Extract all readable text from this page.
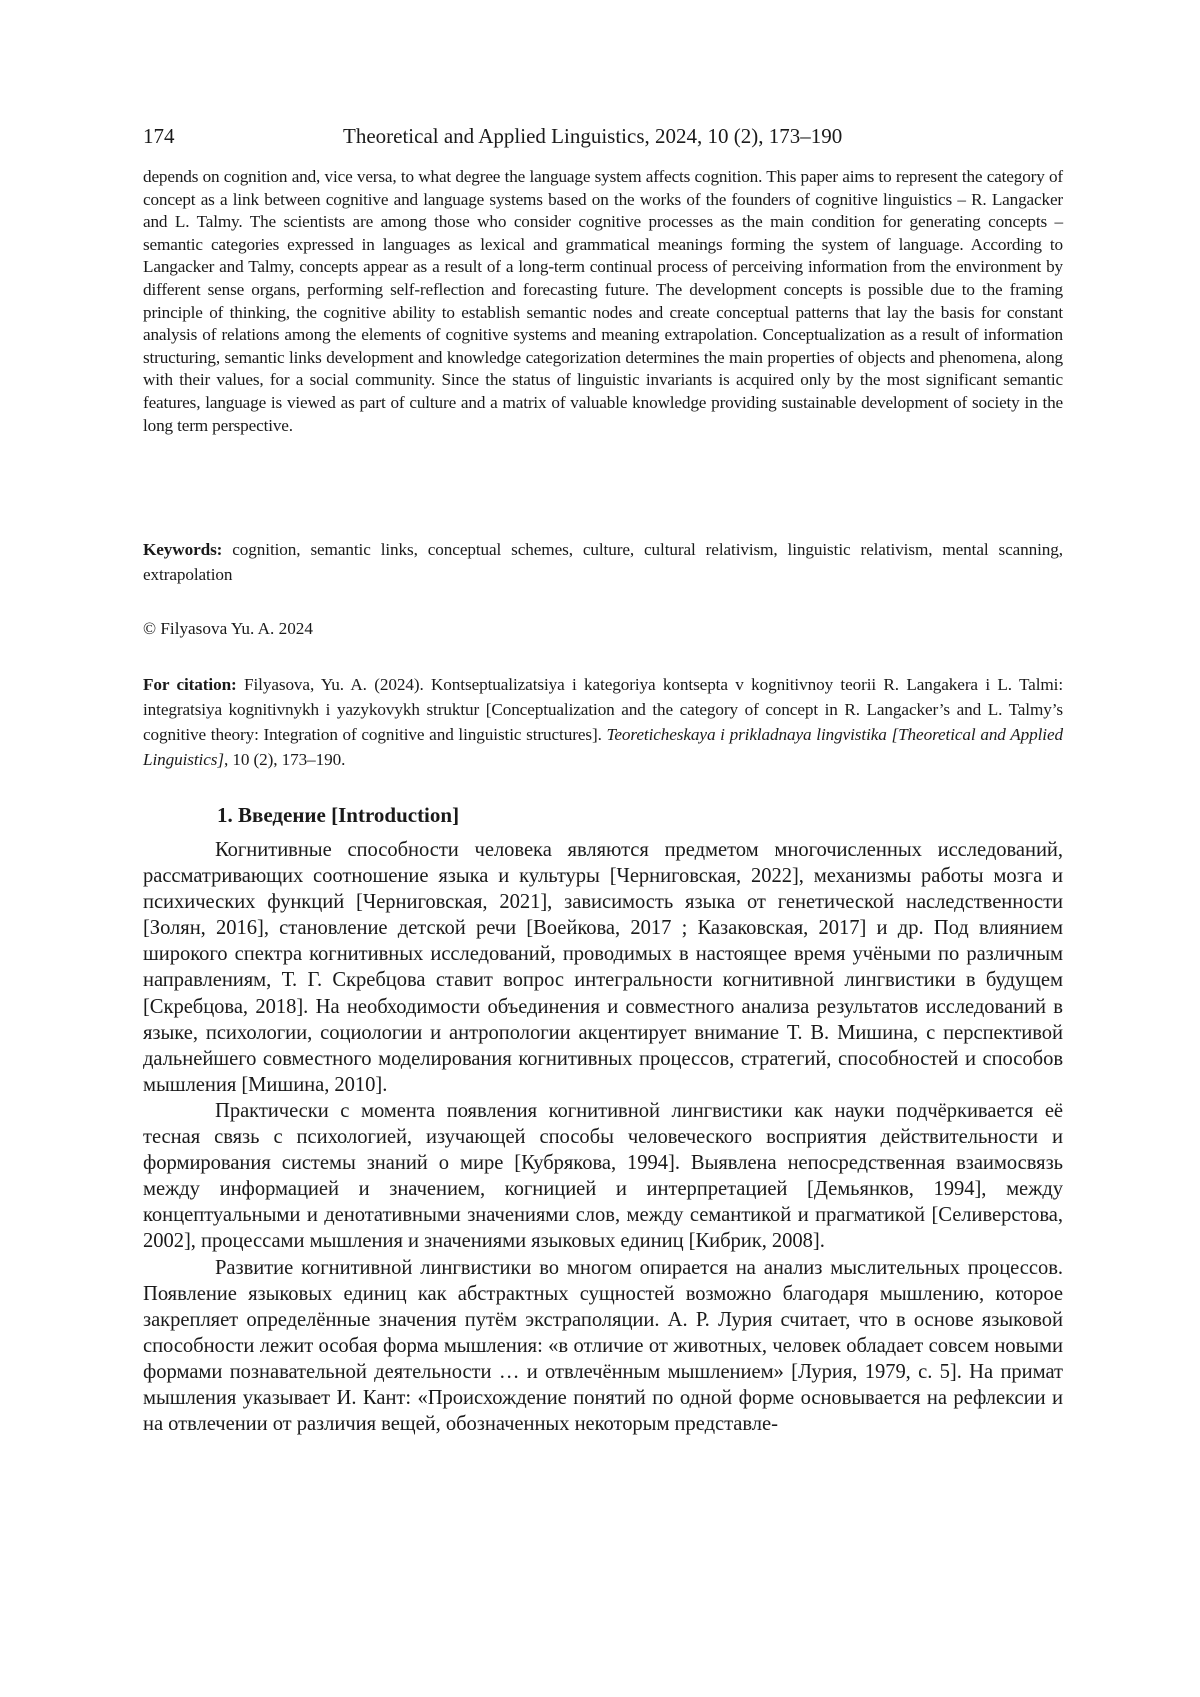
174	Theoretical and Applied Linguistics, 2024, 10 (2), 173–190
depends on cognition and, vice versa, to what degree the language system affects cognition. This paper aims to represent the category of concept as a link between cognitive and language systems based on the works of the founders of cognitive linguistics – R. Langacker and L. Talmy. The scientists are among those who consider cognitive processes as the main condition for generating concepts – semantic categories expressed in languages as lexical and grammatical meanings forming the system of language. According to Langacker and Talmy, concepts appear as a result of a long-term continual process of perceiving information from the environment by different sense organs, performing self-reflection and forecasting future. The development concepts is possible due to the framing principle of thinking, the cognitive ability to establish semantic nodes and create conceptual patterns that lay the basis for constant analysis of relations among the elements of cognitive systems and meaning extrapolation. Conceptualization as a result of information structuring, semantic links development and knowledge categorization determines the main properties of objects and phenomena, along with their values, for a social community. Since the status of linguistic invariants is acquired only by the most significant semantic features, language is viewed as part of culture and a matrix of valuable knowledge providing sustainable development of society in the long term perspective.
Keywords: cognition, semantic links, conceptual schemes, culture, cultural relativism, linguistic relativism, mental scanning, extrapolation
© Filyasova Yu. A. 2024
For citation: Filyasova, Yu. A. (2024). Kontseptualizatsiya i kategoriya kontsepta v kognitivnoy teorii R. Langakera i L. Talmi: integratsiya kognitivnykh i yazykovykh struktur [Conceptualization and the category of concept in R. Langacker’s and L. Talmy’s cognitive theory: Integration of cognitive and linguistic structures]. Teoreticheskaya i prikladnaya lingvistika [Theoretical and Applied Linguistics], 10 (2), 173–190.
1. Введение [Introduction]

Когнитивные способности человека являются предметом многочисленных исследований, рассматривающих соотношение языка и культуры [Черниговская, 2022], механизмы работы мозга и психических функций [Черниговская, 2021], зависимость языка от генетической наследственности [Золян, 2016], становление детской речи [Воейкова, 2017 ; Казаковская, 2017] и др. Под влиянием широкого спектра когнитивных исследований, проводимых в настоящее время учёными по различным направлениям, Т. Г. Скребцова ставит вопрос интегральности когнитивной лингвистики в будущем [Скребцова, 2018]. На необходимости объединения и совместного анализа результатов исследований в языке, психологии, социологии и антропологии акцентирует внимание Т. В. Мишина, с перспективой дальнейшего совместного моделирования когнитивных процессов, стратегий, способностей и способов мышления [Мишина, 2010].

Практически с момента появления когнитивной лингвистики как науки подчёркивается её тесная связь с психологией, изучающей способы человеческого восприятия действительности и формирования системы знаний о мире [Кубрякова, 1994]. Выявлена непосредственная взаимосвязь между информацией и значением, когницией и интерпретацией [Демьянков, 1994], между концептуальными и денотативными значениями слов, между семантикой и прагматикой [Селиверстова, 2002], процессами мышления и значениями языковых единиц [Кибрик, 2008].

Развитие когнитивной лингвистики во многом опирается на анализ мыслительных процессов. Появление языковых единиц как абстрактных сущностей возможно благодаря мышлению, которое закрепляет определённые значения путём экстраполяции. А. Р. Лурия считает, что в основе языковой способности лежит особая форма мышления: «в отличие от животных, человек обладает совсем новыми формами познавательной деятельности … и отвлечённым мышлением» [Лурия, 1979, с. 5]. На примат мышления указывает И. Кант: «Происхождение понятий по одной форме основывается на рефлексии и на отвлечении от различия вещей, обозначенных некоторым представле-
